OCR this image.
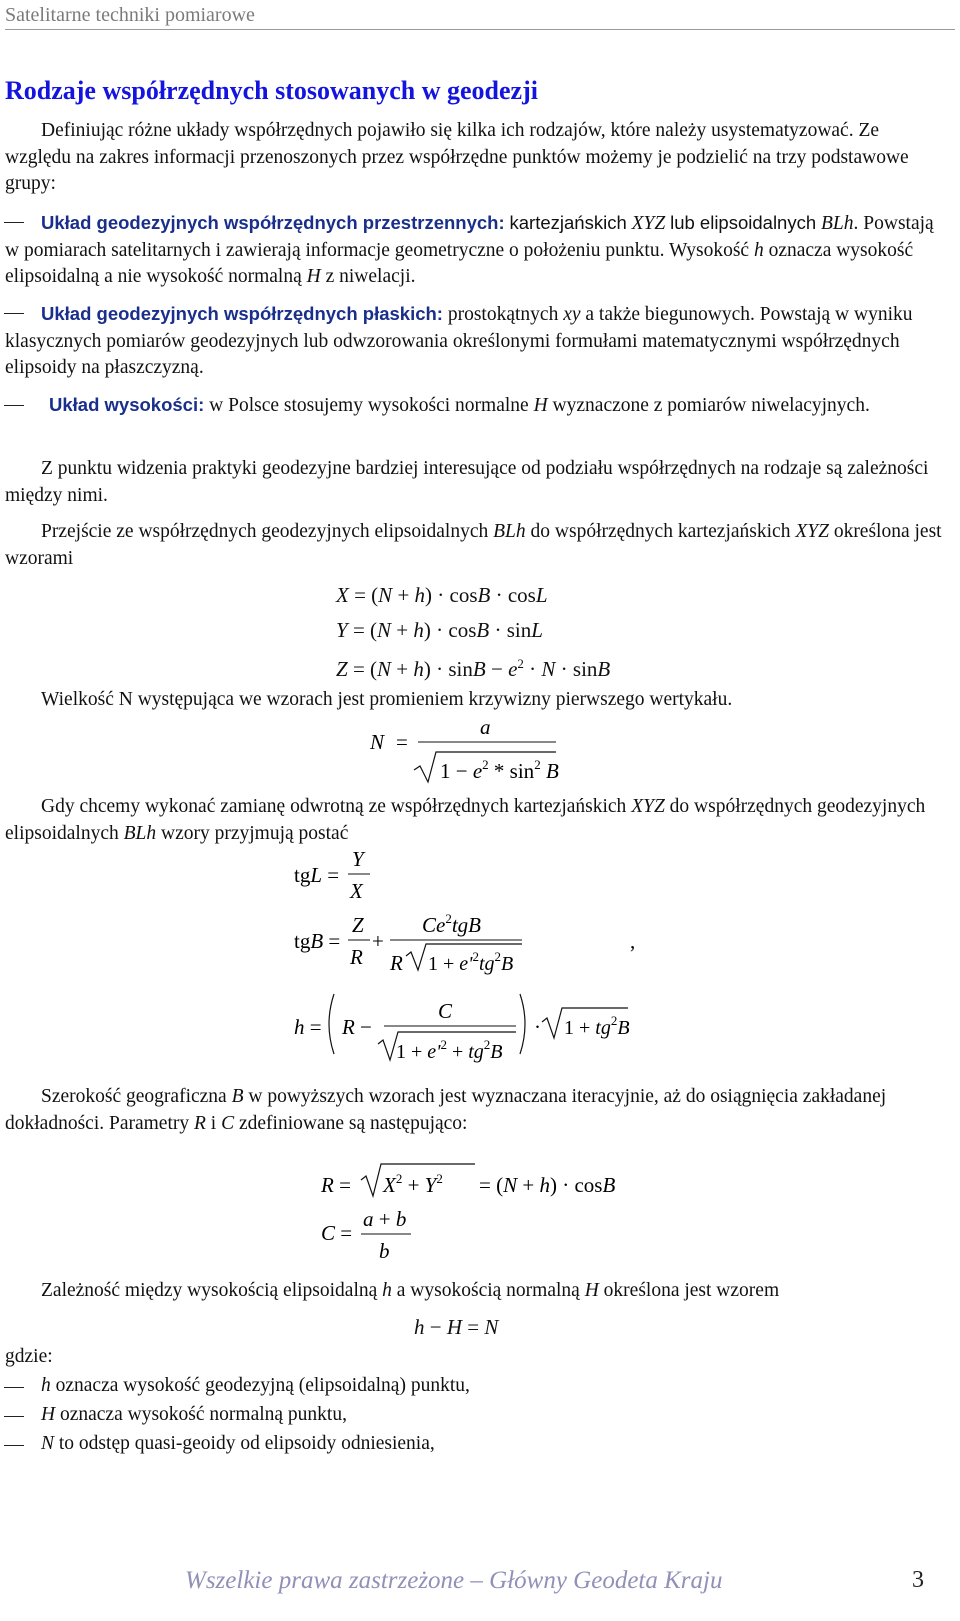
Satelitarne techniki pomiarowe
Rodzaje współrzędnych stosowanych w geodezji

Definiując różne układy współrzędnych pojawiło się kilka ich rodzajów, które należy usystematyzować. Ze względu na zakres informacji przenoszonych przez współrzędne punktów możemy je podzielić na trzy podstawowe grupy:

Układ geodezyjnych współrzędnych przestrzennych: kartezjańskich XYZ lub elipsoidalnych BLh. Powstają w pomiarach satelitarnych i zawierają informacje geometryczne o położeniu punktu. Wysokość h oznacza wysokość elipsoidalną a nie wysokość normalną H z niwelacji.

Układ geodezyjnych współrzędnych płaskich: prostokątnych xy a także biegunowych. Powstają w wyniku klasycznych pomiarów geodezyjnych lub odwzorowania określonymi formułami matematycznymi współrzędnych elipsoidy na płaszczyzną.

Układ wysokości: w Polsce stosujemy wysokości normalne H wyznaczone z pomiarów niwelacyjnych.

Z punktu widzenia praktyki geodezyjne bardziej interesujące od podziału współrzędnych na rodzaje są zależności między nimi.

Przejście ze współrzędnych geodezyjnych elipsoidalnych BLh do współrzędnych kartezjańskich XYZ określona jest wzorami

X = (N + h) · cosB · cosL
Y = (N + h) · cosB · sinL
$Z = (N + h) \cdot \sin B - e^2 \cdot N \cdot \sin B$

Wielkość N występująca we wzorach jest promieniem krzywizny pierwszego wertykału.

N =
a
$1 - e^2 * \sin^2 B$

Gdy chcemy wykonać zamianę odwrotną ze współrzędnych kartezjańskich XYZ do współrzędnych geodezyjnych elipsoidalnych BLh wzory przyjmują postać

tgL =
Y
X
tgB =
Z
R
+
$Ce^2tgB$
R $1 + e'^2tg^2B$
,
h = R −
C
$1 + e'^2 + tg^2B$
· $1 + tg^2B$

Szerokość geograficzna B w powyższych wzorach jest wyznaczana iteracyjnie, aż do osiągnięcia zakładanej dokładności. Parametry R i C zdefiniowane są następująco:

$R = X^2 + Y^2 = (N + h) \cdot \cos B$
C =
a + b
b

Zależność między wysokością elipsoidalną h a wysokością normalną H określona jest wzorem

h − H = N

gdzie:

h oznacza wysokość geodezyjną (elipsoidalną) punktu,

H oznacza wysokość normalną punktu,

N to odstęp quasi-geoidy od elipsoidy odniesienia,

Wszelkie prawa zastrzeżone – Główny Geodeta Kraju	3
